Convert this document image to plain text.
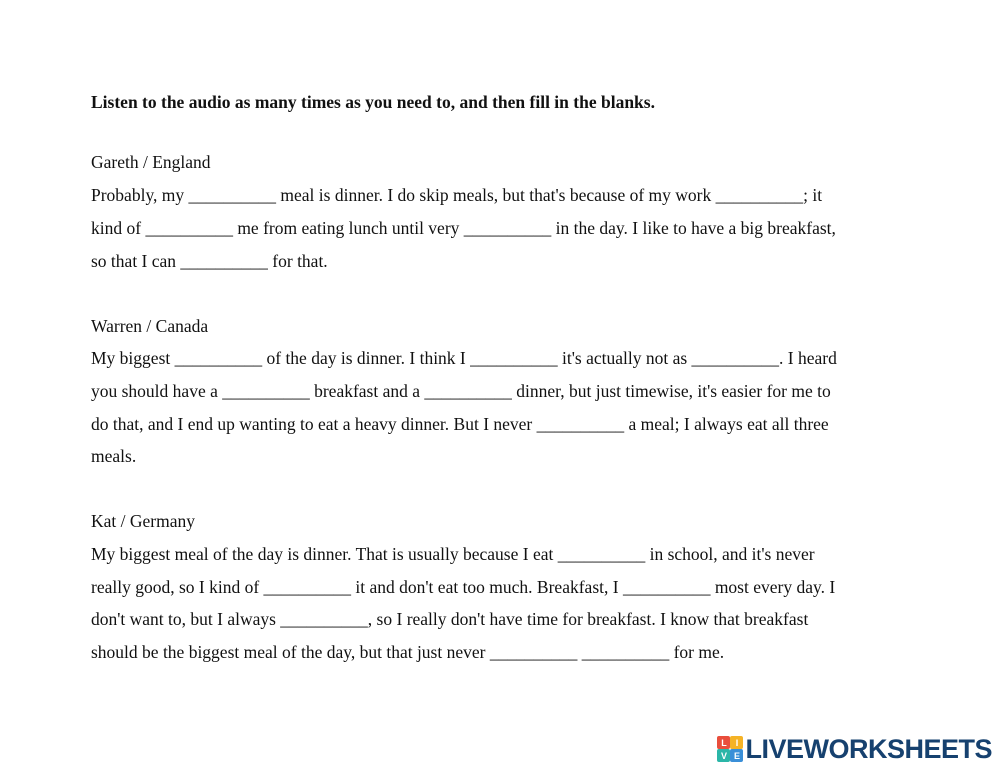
Listen to the audio as many times as you need to, and then fill in the blanks.
Gareth / England
Probably, my __________ meal is dinner. I do skip meals, but that's because of my work __________; it
kind of __________ me from eating lunch until very __________ in the day. I like to have a big breakfast,
so that I can __________ for that.
Warren / Canada
My biggest __________ of the day is dinner. I think I __________ it's actually not as __________. I heard
you should have a __________ breakfast and a __________ dinner, but just timewise, it's easier for me to
do that, and I end up wanting to eat a heavy dinner. But I never __________ a meal; I always eat all three
meals.
Kat / Germany
My biggest meal of the day is dinner. That is usually because I eat __________ in school, and it's never
really good, so I kind of __________ it and don't eat too much. Breakfast, I __________ most every day. I
don't want to, but I always __________, so I really don't have time for breakfast. I know that breakfast
should be the biggest meal of the day, but that just never __________ __________ for me.
L I
V E LIVEWORKSHEETS
